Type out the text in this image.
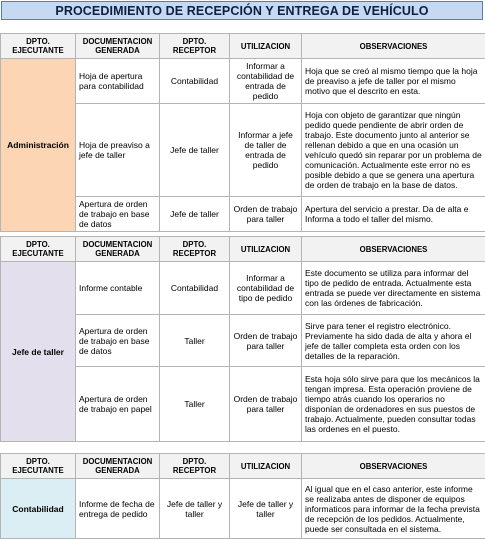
PROCEDIMIENTO DE RECEPCIÓN Y ENTREGA DE VEHÍCULO
DPTO. EJECUTANTE	DOCUMENTACION GENERADA	DPTO. RECEPTOR	UTILIZACION	OBSERVACIONES
Administración	Hoja de apertura para contabilidad	Contabilidad	Informar a contabilidad de entrada de pedido	Hoja que se creó al mismo tiempo que la hoja de preaviso a jefe de taller por el mismo motivo que el descrito en esta.
	Hoja de preaviso a jefe de taller	Jefe de taller	Informar a jefe de taller de entrada de pedido	Hoja con objeto de garantizar que ningún pedido quede pendiente de abrir orden de trabajo. Este documento junto al anterior se rellenan debido a que en una ocasión un vehículo quedó sin reparar por un problema de comunicación. Actualmente este error no es posible debido a que se genera una apertura de orden de trabajo en la base de datos.
	Apertura de orden de trabajo en base de datos	Jefe de taller	Orden de trabajo para taller	Apertura del servicio a prestar. Da de alta e Informa a todo el taller del mismo.
DPTO. EJECUTANTE	DOCUMENTACION GENERADA	DPTO. RECEPTOR	UTILIZACION	OBSERVACIONES
Jefe de taller	Informe contable	Contabilidad	Informar a contabilidad de tipo de pedido	Este documento se utiliza para informar del tipo de pedido de entrada. Actualmente esta entrada se puede ver directamente en sistema con las órdenes de fabricación.
	Apertura de orden de trabajo en base de datos	Taller	Orden de trabajo para taller	Sirve para tener el registro electrónico. Previamente ha sido dada de alta y ahora el jefe de taller completa esta orden con los detalles de la reparación.
	Apertura de orden de trabajo en papel	Taller	Orden de trabajo para taller	Esta hoja sólo sirve para que los mecánicos la tengan impresa. Esta operación proviene de tiempo atrás cuando los operarios no disponían de ordenadores en sus puestos de trabajo. Actualmente, pueden consultar todas las ordenes en el puesto.
DPTO. EJECUTANTE	DOCUMENTACION GENERADA	DPTO. RECEPTOR	UTILIZACION	OBSERVACIONES
Contabilidad	Informe de fecha de entrega de pedido	Jefe de taller y taller	Jefe de taller y taller	Al igual que en el caso anterior, este informe se realizaba antes de disponer de equipos informaticos para informar de la fecha prevista de recepción de los pedidos. Actualmente, puede ser consultada en el sistema.
